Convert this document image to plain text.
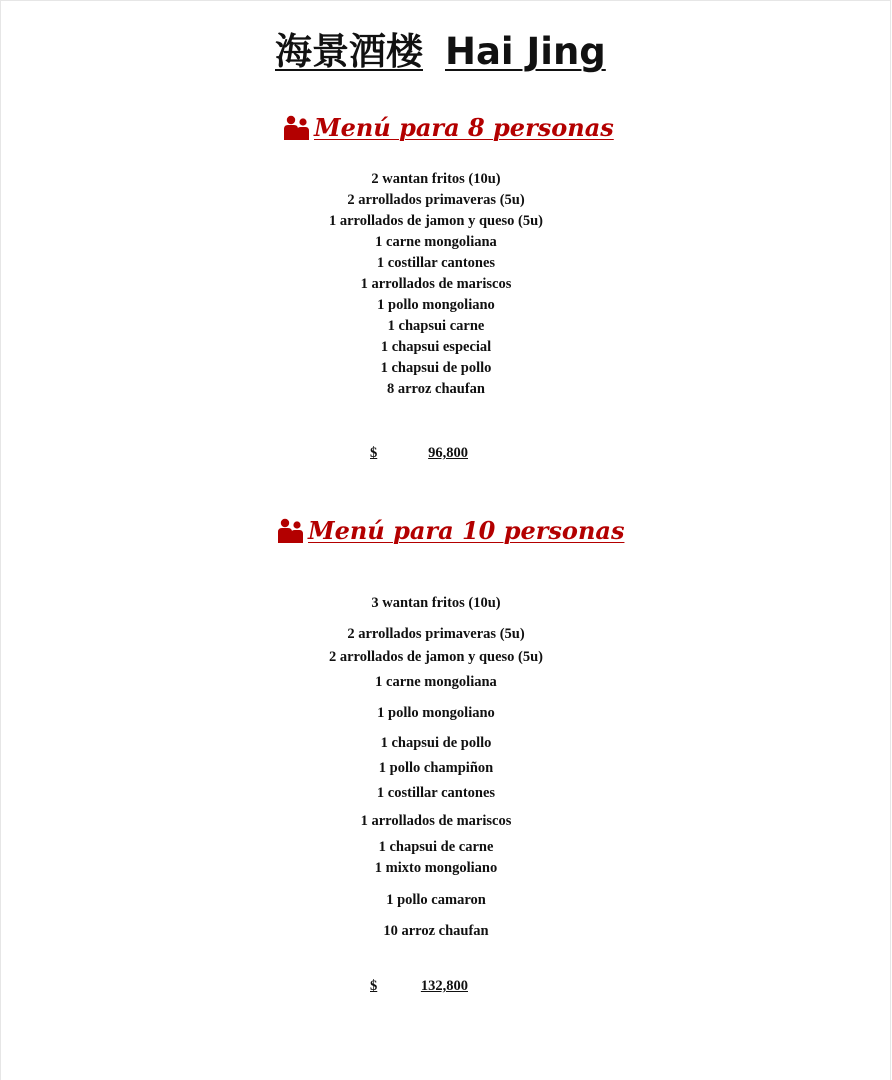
海景酒楼 Hai Jing
Menú para 8 personas
2 wantan fritos (10u)
2 arrollados primaveras (5u)
1 arrollados de jamon y queso (5u)
1 carne mongoliana
1 costillar cantones
1 arrollados de mariscos
1 pollo mongoliano
1 chapsui carne
1 chapsui especial
1 chapsui de pollo
8 arroz chaufan
$	96,800
Menú para 10 personas
3 wantan fritos (10u)
2 arrollados primaveras (5u)
2 arrollados de jamon y queso (5u)
1 carne mongoliana
1 pollo mongoliano
1 chapsui de pollo
1 pollo champiñon
1 costillar cantones
1 arrollados de mariscos
1 chapsui de carne
1 mixto mongoliano
1 pollo camaron
10 arroz chaufan
$	132,800
